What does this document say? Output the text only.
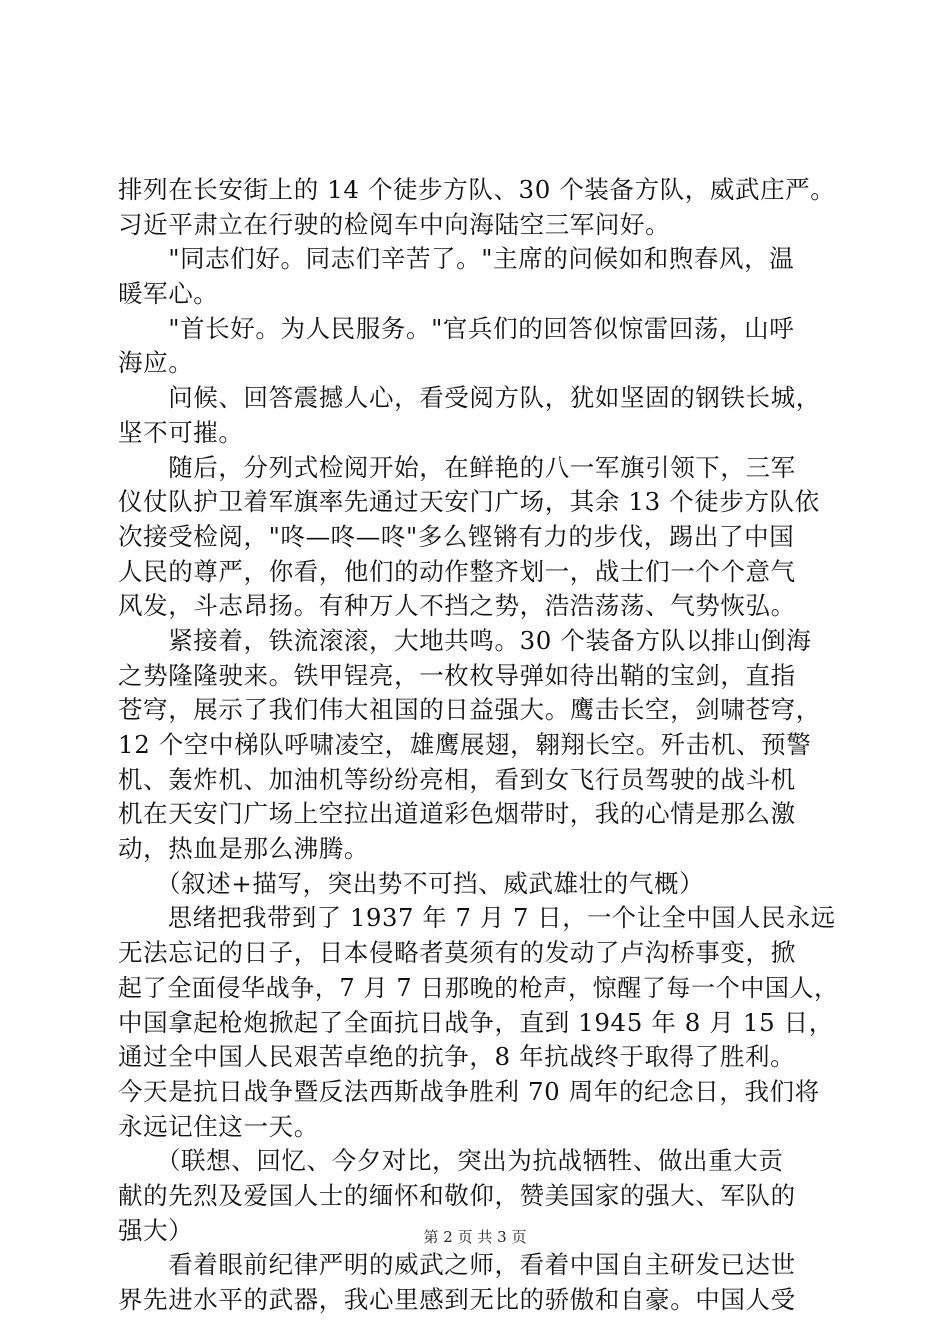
排列在长安街上的 14 个徒步方队、30 个装备方队，威武庄严。
习近平肃立在行驶的检阅车中向海陆空三军问好。
　　"同志们好。同志们辛苦了。"主席的问候如和煦春风，温
暖军心。
　　"首长好。为人民服务。"官兵们的回答似惊雷回荡，山呼
海应。
　　问候、回答震撼人心，看受阅方队，犹如坚固的钢铁长城，
坚不可摧。
　　随后，分列式检阅开始，在鲜艳的八一军旗引领下，三军
仪仗队护卫着军旗率先通过天安门广场，其余 13 个徒步方队依
次接受检阅，"咚—咚—咚"多么铿锵有力的步伐，踢出了中国
人民的尊严，你看，他们的动作整齐划一，战士们一个个意气
风发，斗志昂扬。有种万人不挡之势，浩浩荡荡、气势恢弘。
　　紧接着，铁流滚滚，大地共鸣。30 个装备方队以排山倒海
之势隆隆驶来。铁甲锃亮，一枚枚导弹如待出鞘的宝剑，直指
苍穹，展示了我们伟大祖国的日益强大。鹰击长空，剑啸苍穹，
12 个空中梯队呼啸凌空，雄鹰展翅，翱翔长空。歼击机、预警
机、轰炸机、加油机等纷纷亮相，看到女飞行员驾驶的战斗机
机在天安门广场上空拉出道道彩色烟带时，我的心情是那么激
动，热血是那么沸腾。
　　（叙述+描写，突出势不可挡、威武雄壮的气概）
　　思绪把我带到了 1937 年 7 月 7 日，一个让全中国人民永远
无法忘记的日子，日本侵略者莫须有的发动了卢沟桥事变，掀
起了全面侵华战争，7 月 7 日那晚的枪声，惊醒了每一个中国人，
中国拿起枪炮掀起了全面抗日战争，直到 1945 年 8 月 15 日，
通过全中国人民艰苦卓绝的抗争，8 年抗战终于取得了胜利。
今天是抗日战争暨反法西斯战争胜利 70 周年的纪念日，我们将
永远记住这一天。
　　（联想、回忆、今夕对比，突出为抗战牺牲、做出重大贡
献的先烈及爱国人士的缅怀和敬仰，赞美国家的强大、军队的
强大）
　　看着眼前纪律严明的威武之师，看着中国自主研发已达世
界先进水平的武器，我心里感到无比的骄傲和自豪。中国人受
第 2 页 共 3 页
